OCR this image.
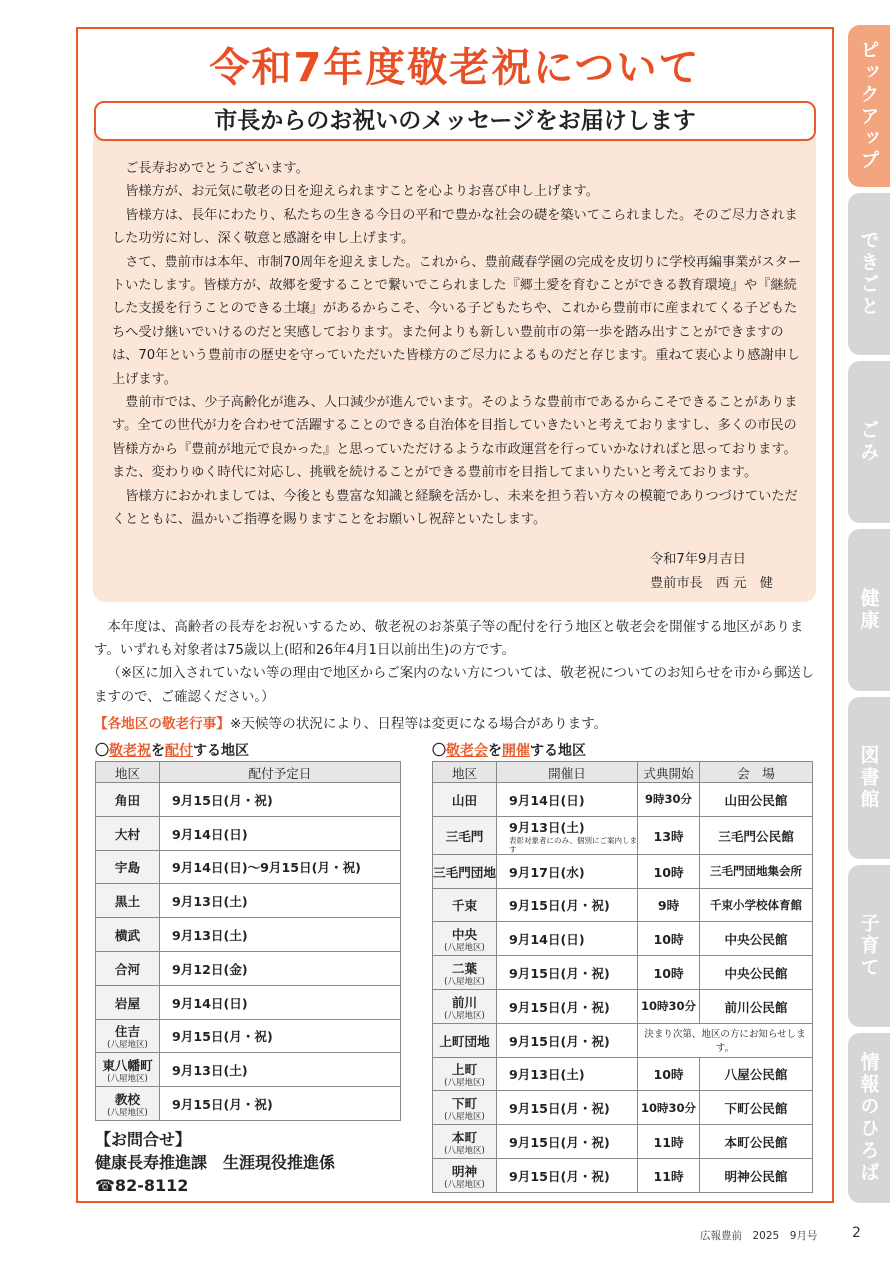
令和7年度敬老祝について
市長からのお祝いのメッセージをお届けします

ご長寿おめでとうございます。

皆様方が、お元気に敬老の日を迎えられますことを心よりお喜び申し上げます。

皆様方は、長年にわたり、私たちの生きる今日の平和で豊かな社会の礎を築いてこられました。そのご尽力されました功労に対し、深く敬意と感謝を申し上げます。

さて、豊前市は本年、市制70周年を迎えました。これから、豊前蔵春学園の完成を皮切りに学校再編事業がスタートいたします。皆様方が、故郷を愛することで繋いでこられました『郷土愛を育むことができる教育環境』や『継続した支援を行うことのできる土壌』があるからこそ、今いる子どもたちや、これから豊前市に産まれてくる子どもたちへ受け継いでいけるのだと実感しております。また何よりも新しい豊前市の第一歩を踏み出すことができますのは、70年という豊前市の歴史を守っていただいた皆様方のご尽力によるものだと存じます。重ねて衷心より感謝申し上げます。

豊前市では、少子高齢化が進み、人口減少が進んでいます。そのような豊前市であるからこそできることがあります。全ての世代が力を合わせて活躍することのできる自治体を目指していきたいと考えておりますし、多くの市民の皆様方から『豊前が地元で良かった』と思っていただけるような市政運営を行っていかなければと思っております。また、変わりゆく時代に対応し、挑戦を続けることができる豊前市を目指してまいりたいと考えております。

皆様方におかれましては、今後とも豊富な知識と経験を活かし、未来を担う若い方々の模範でありつづけていただくとともに、温かいご指導を賜りますことをお願いし祝辞といたします。

令和7年9月吉日
豊前市長　西 元　健

本年度は、高齢者の長寿をお祝いするため、敬老祝のお茶菓子等の配付を行う地区と敬老会を開催する地区があります。いずれも対象者は75歳以上(昭和26年4月1日以前出生)の方です。

（※区に加入されていない等の理由で地区からご案内のない方については、敬老祝についてのお知らせを市から郵送しますので、ご確認ください。）

【各地区の敬老行事】※天候等の状況により、日程等は変更になる場合があります。
〇敬老祝を配付する地区	〇敬老会を開催する地区
地区	配付予定日

角田	9月15日(月・祝)

大村	9月14日(日)

宇島	9月14日(日)～9月15日(月・祝)

黒土	9月13日(土)

横武	9月13日(土)

合河	9月12日(金)

岩屋	9月14日(日)

住吉
(八屋地区)	9月15日(月・祝)

東八幡町
(八屋地区)	9月13日(土)

教校
(八屋地区)	9月15日(月・祝)
地区	開催日	式典開始	会　場

山田	9月14日(日)	9時30分	山田公民館

三毛門	9月13日(土)
表彰対象者にのみ、個別にご案内します	13時	三毛門公民館

三毛門団地	9月17日(水)	10時	三毛門団地集会所

千束	9月15日(月・祝)	9時	千束小学校体育館

中央
(八屋地区)	9月14日(日)	10時	中央公民館

二葉
(八屋地区)	9月15日(月・祝)	10時	中央公民館

前川
(八屋地区)	9月15日(月・祝)	10時30分	前川公民館

上町団地	9月15日(月・祝)	決まり次第、地区の方にお知らせします。	

上町
(八屋地区)	9月13日(土)	10時	八屋公民館

下町
(八屋地区)	9月15日(月・祝)	10時30分	下町公民館

本町
(八屋地区)	9月15日(月・祝)	11時	本町公民館

明神
(八屋地区)	9月15日(月・祝)	11時	明神公民館
【お問合せ】
健康長寿推進課　生涯現役推進係
☎82-8112
ピックアップ
できごと
ごみ
健康
図書館
子育て
情報のひろば
広報豊前　2025　9月号 2
